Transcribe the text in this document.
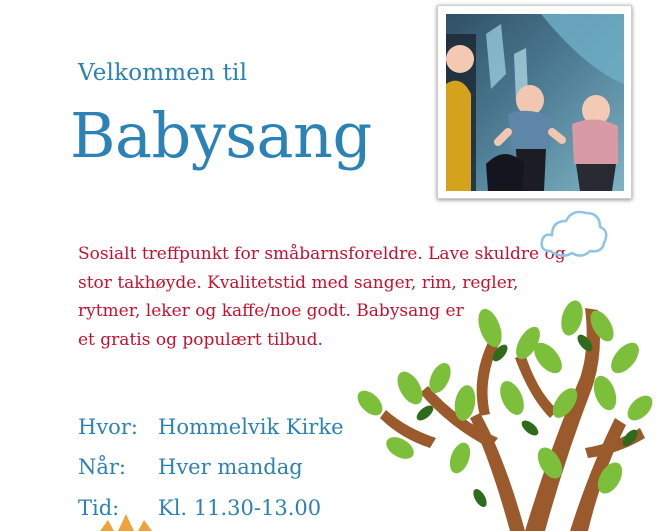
Velkommen til
Babysang
Sosialt treffpunkt for småbarnsforeldre. Lave skuldre og
stor takhøyde. Kvalitetstid med sanger, rim, regler,
rytmer, leker og kaffe/noe godt. Babysang er
et gratis og populært tilbud.
Hvor: Hommelvik Kirke
Når: Hver mandag
Tid: Kl. 11.30-13.00
